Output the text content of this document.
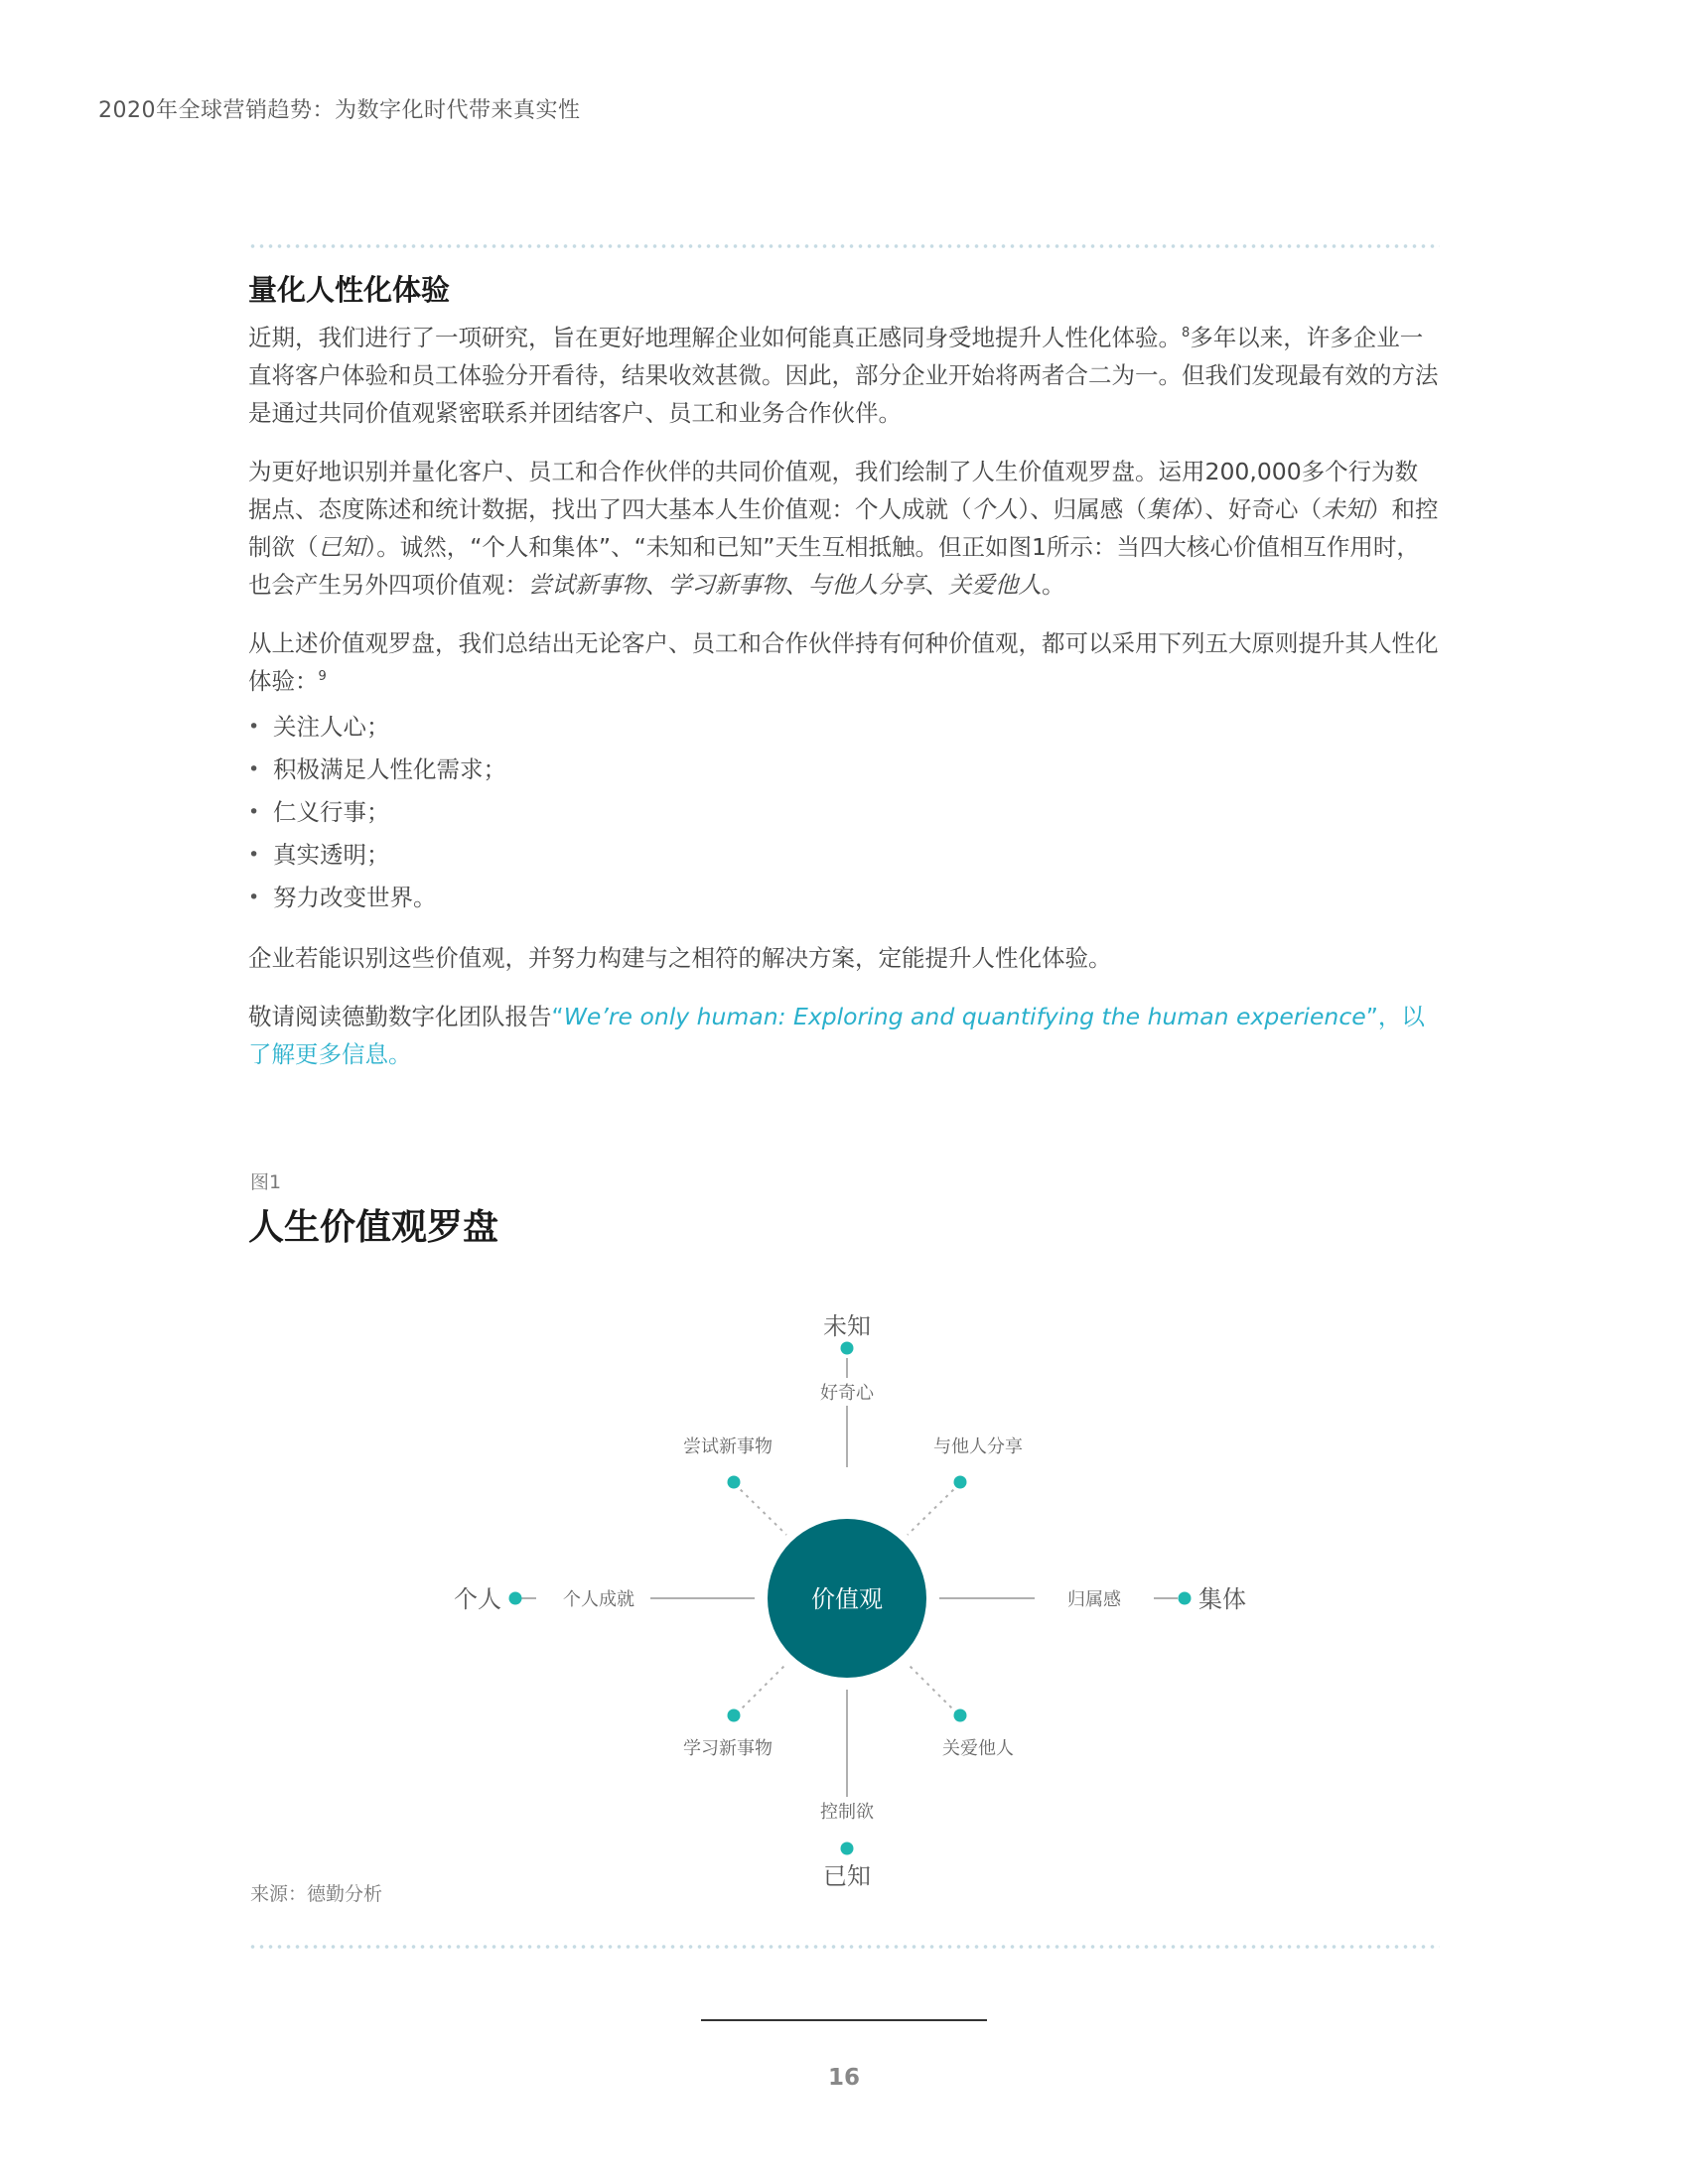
2020年全球营销趋势：为数字化时代带来真实性
量化人性化体验

近期，我们进行了一项研究，旨在更好地理解企业如何能真正感同身受地提升人性化体验。$^8$多年以来，许多企业一直将客户体验和员工体验分开看待，结果收效甚微。因此，部分企业开始将两者合二为一。但我们发现最有效的方法是通过共同价值观紧密联系并团结客户、员工和业务合作伙伴。

为更好地识别并量化客户、员工和合作伙伴的共同价值观，我们绘制了人生价值观罗盘。运用200,000多个行为数据点、态度陈述和统计数据，找出了四大基本人生价值观：个人成就（个人）、归属感（集体）、好奇心（未知）和控制欲（已知）。诚然，“个人和集体”、“未知和已知”天生互相抵触。但正如图1所示：当四大核心价值相互作用时，也会产生另外四项价值观：尝试新事物、学习新事物、与他人分享、关爱他人。

从上述价值观罗盘，我们总结出无论客户、员工和合作伙伴持有何种价值观，都可以采用下列五大原则提升其人性化体验：$^9$

• 关注人心；
• 积极满足人性化需求；
• 仁义行事；
• 真实透明；
• 努力改变世界。

企业若能识别这些价值观，并努力构建与之相符的解决方案，定能提升人性化体验。

敬请阅读德勤数字化团队报告“We’re only human: Exploring and quantifying the human experience”，以了解更多信息。

图1
人生价值观罗盘
价值观
未知
已知
个人	集体
好奇心
控制欲
个人成就	归属感
尝试新事物	与他人分享
学习新事物	关爱他人
来源：德勤分析
16
